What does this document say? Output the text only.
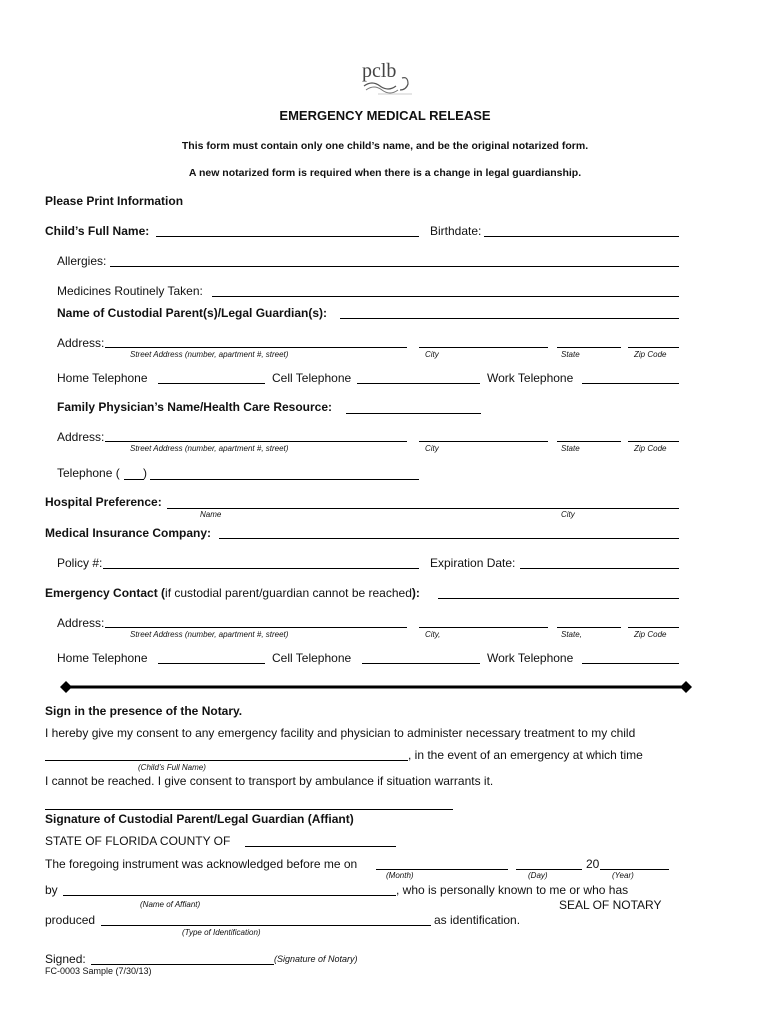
pclb
EMERGENCY MEDICAL RELEASE
This form must contain only one child’s name, and be the original notarized form.
A new notarized form is required when there is a change in legal guardianship.
Please Print Information
Child’s Full Name:	Birthdate:
Allergies:
Medicines Routinely Taken:
Name of Custodial Parent(s)/Legal Guardian(s):
Address:
Street Address (number, apartment #, street)	City	State	Zip Code
Home Telephone	Cell Telephone	Work Telephone
Family Physician’s Name/Health Care Resource:
Address:
Street Address (number, apartment #, street)	City	State	Zip Code
Telephone ( )
Hospital Preference:
Name	City
Medical Insurance Company:
Policy #:	Expiration Date:
Emergency Contact (if custodial parent/guardian cannot be reached):
Address:
Street Address (number, apartment #, street)	City,	State,	Zip Code
Home Telephone	Cell Telephone	Work Telephone
Sign in the presence of the Notary.
I hereby give my consent to any emergency facility and physician to administer necessary treatment to my child
, in the event of an emergency at which time
(Child’s Full Name)
I cannot be reached. I give consent to transport by ambulance if situation warrants it.
Signature of Custodial Parent/Legal Guardian (Affiant)
STATE OF FLORIDA COUNTY OF
The foregoing instrument was acknowledged before me on	20
(Month)	(Day)	(Year)
by	, who is personally known to me or who has
(Name of Affiant)	SEAL OF NOTARY
produced	as identification.
(Type of Identification)
Signed:	(Signature of Notary)
FC-0003 Sample (7/30/13)
